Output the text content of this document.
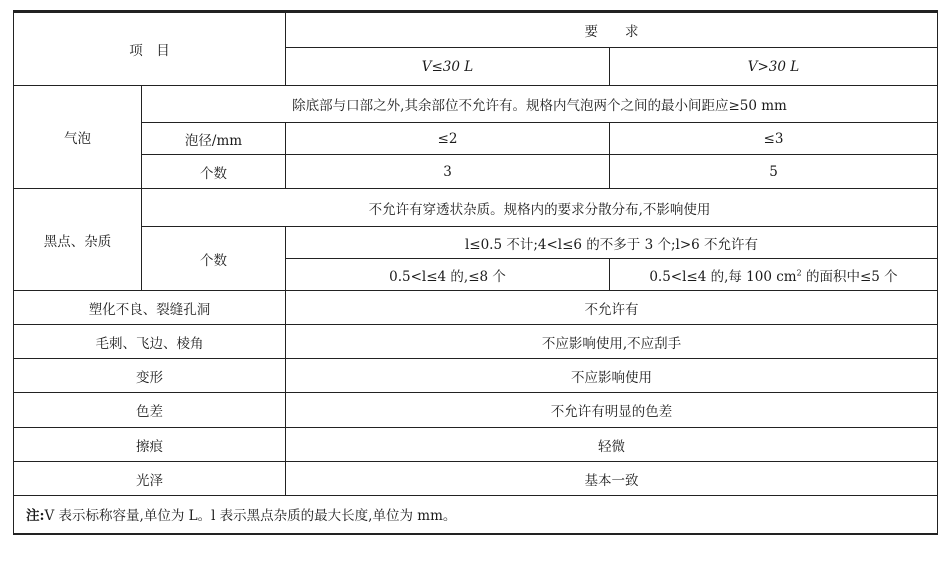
项　目		要　　求	
		V≤30 L	V>30 L
气泡	除底部与口部之外,其余部位不允许有。规格内气泡两个之间的最小间距应≥50 mm		
	泡径/mm	≤2	≤3
	个数	3	5
黑点、杂质	不允许有穿透状杂质。规格内的要求分散分布,不影响使用		
	个数	l≤0.5 不计;4<l≤6 的不多于 3 个;l>6 不允许有	
		0.5<l≤4 的,≤8 个	0.5<l≤4 的,每 100 $cm^2$ 的面积中≤5 个
塑化不良、裂缝孔洞		不允许有	
毛刺、飞边、棱角		不应影响使用,不应刮手	
变形		不应影响使用	
色差		不允许有明显的色差	
擦痕		轻微	
光泽		基本一致	
注:V 表示标称容量,单位为 L。l 表示黑点杂质的最大长度,单位为 mm。			
